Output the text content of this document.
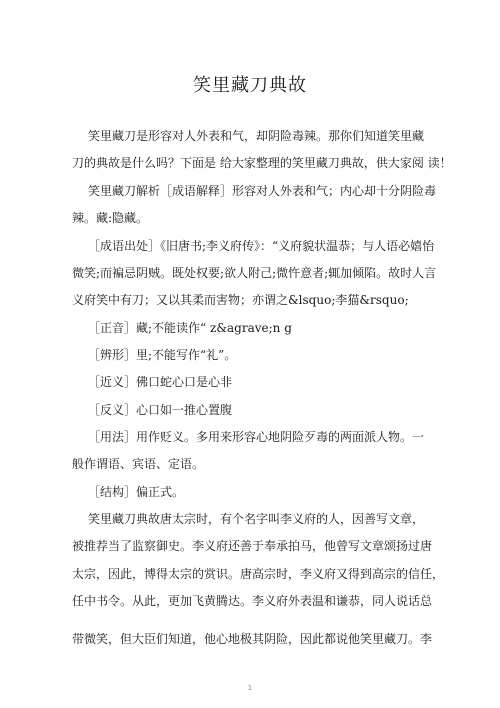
笑里藏刀典故
笑里藏刀是形容对人外表和气，却阴险毒辣。那你们知道笑里藏
刀的典故是什么吗？下面是 给大家整理的笑里藏刀典故，供大家阅 读！
笑里藏刀解析［成语解释］形容对人外表和气；内心却十分阴险毒
辣。藏:隐藏。
［成语出处］《旧唐书;李义府传》：“义府貌状温恭；与人语必嬉怡
微笑;而褊忌阴贼。既处权要;欲人附己;微忤意者;辄加倾陷。故时人言
义府笑中有刀；又以其柔而害物；亦谓之&lsquo;李猫&rsquo;
［正音］藏;不能读作“ z&agrave;n g
［辨形］里;不能写作“礼”。
［近义］佛口蛇心口是心非
［反义］心口如一推心置腹
［用法］用作贬义。多用来形容心地阴险歹毒的两面派人物。一
般作谓语、宾语、定语。
［结构］偏正式。
笑里藏刀典故唐太宗时，有个名字叫李义府的人，因善写文章，
被推荐当了监察御史。李义府还善于奉承拍马，他曾写文章颂扬过唐
太宗，因此，博得太宗的赏识。唐高宗时，李义府又得到高宗的信任，
任中书令。从此，更加飞黄腾达。李义府外表温和谦恭，同人说话总
带微笑，但大臣们知道，他心地极其阴险，因此都说他笑里藏刀。李
1
